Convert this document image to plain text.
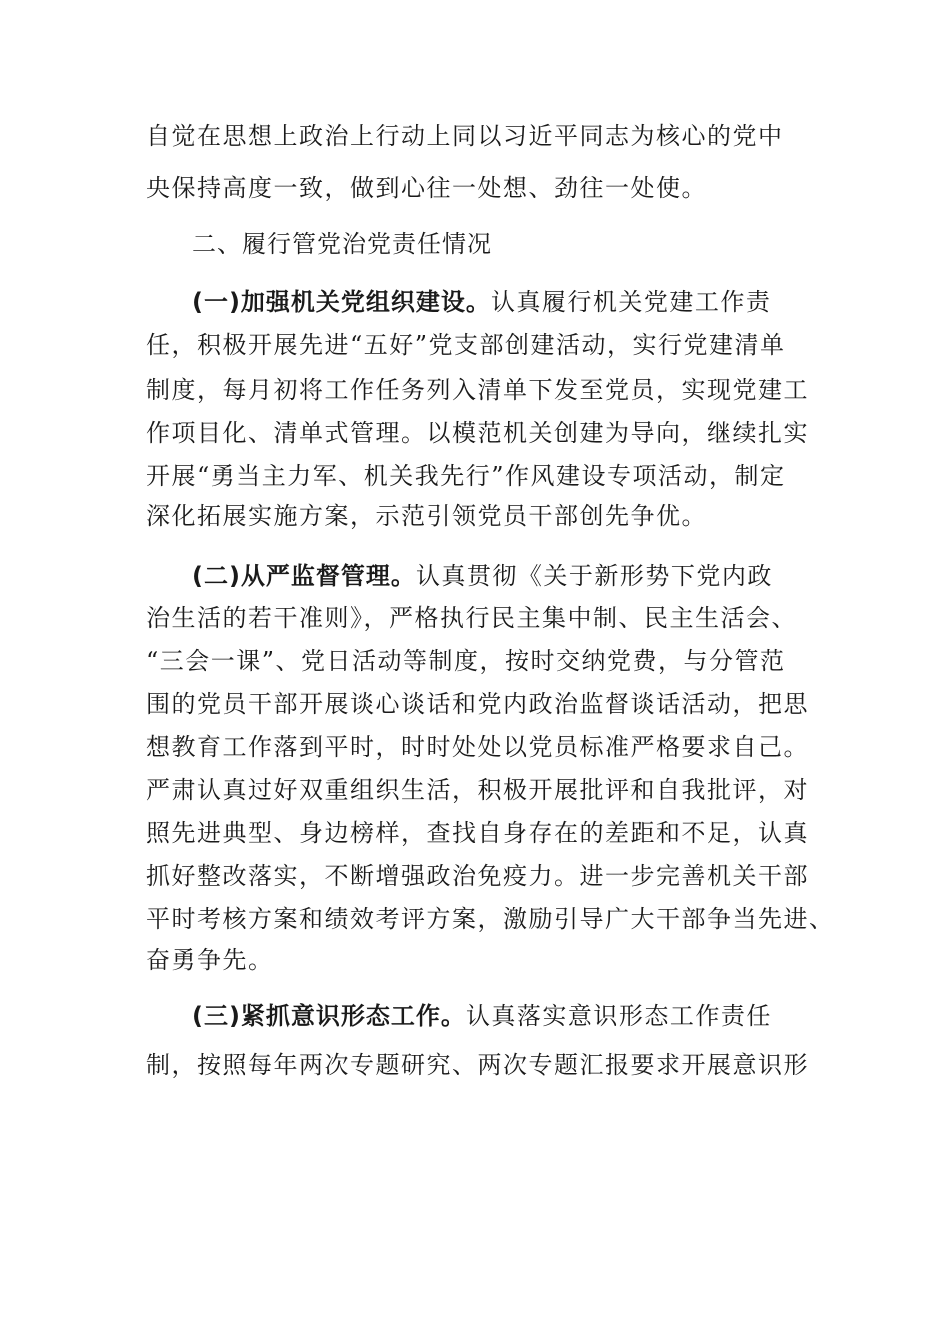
自觉在思想上政治上行动上同以习近平同志为核心的党中
央保持高度一致，做到心往一处想、劲往一处使。
二、履行管党治党责任情况
(一)加强机关党组织建设。认真履行机关党建工作责
任，积极开展先进“五好”党支部创建活动，实行党建清单
制度，每月初将工作任务列入清单下发至党员，实现党建工
作项目化、清单式管理。以模范机关创建为导向，继续扎实
开展“勇当主力军、机关我先行”作风建设专项活动，制定
深化拓展实施方案，示范引领党员干部创先争优。
(二)从严监督管理。认真贯彻《关于新形势下党内政
治生活的若干准则》，严格执行民主集中制、民主生活会、
“三会一课”、党日活动等制度，按时交纳党费，与分管范
围的党员干部开展谈心谈话和党内政治监督谈话活动，把思
想教育工作落到平时，时时处处以党员标准严格要求自己。
严肃认真过好双重组织生活，积极开展批评和自我批评，对
照先进典型、身边榜样，查找自身存在的差距和不足，认真
抓好整改落实，不断增强政治免疫力。进一步完善机关干部
平时考核方案和绩效考评方案，激励引导广大干部争当先进、
奋勇争先。
(三)紧抓意识形态工作。认真落实意识形态工作责任
制，按照每年两次专题研究、两次专题汇报要求开展意识形
